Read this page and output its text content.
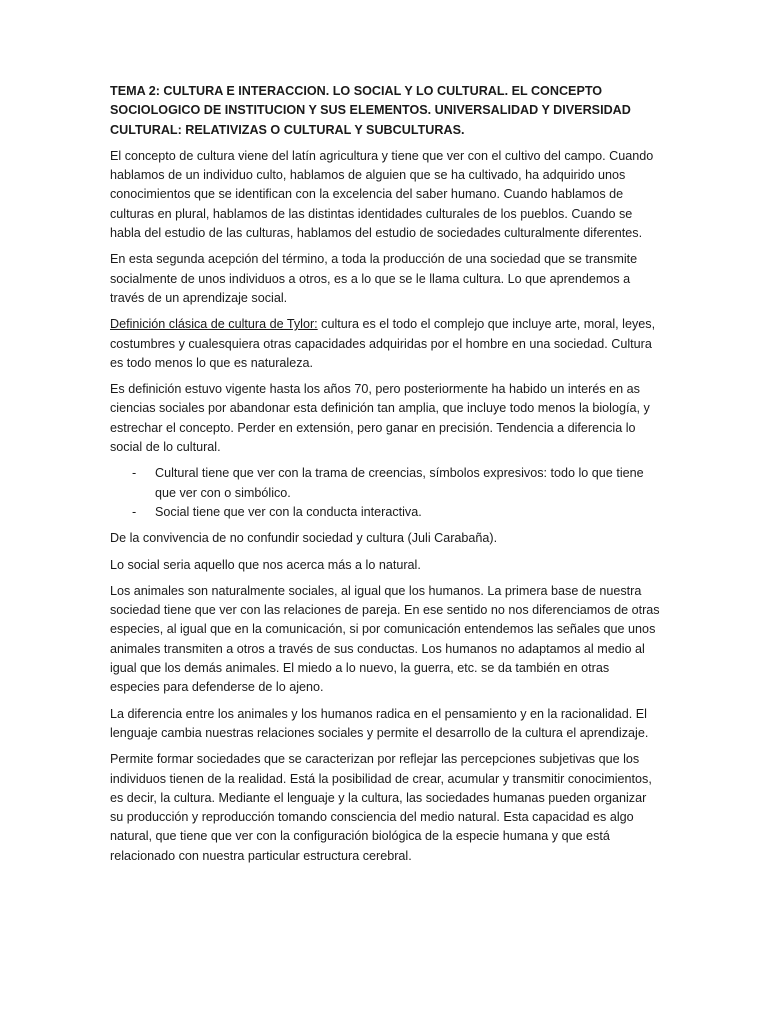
TEMA 2: CULTURA E INTERACCION. LO SOCIAL Y LO CULTURAL. EL CONCEPTO SOCIOLOGICO DE INSTITUCION Y SUS ELEMENTOS. UNIVERSALIDAD Y DIVERSIDAD CULTURAL: RELATIVIZAS O CULTURAL Y SUBCULTURAS.

El concepto de cultura viene del latín agricultura y tiene que ver con el cultivo del campo. Cuando hablamos de un individuo culto, hablamos de alguien que se ha cultivado, ha adquirido unos conocimientos que se identifican con la excelencia del saber humano. Cuando hablamos de culturas en plural, hablamos de las distintas identidades culturales de los pueblos. Cuando se habla del estudio de las culturas, hablamos del estudio de sociedades culturalmente diferentes.

En esta segunda acepción del término, a toda la producción de una sociedad que se transmite socialmente de unos individuos a otros, es a lo que se le llama cultura. Lo que aprendemos a través de un aprendizaje social.

Definición clásica de cultura de Tylor: cultura es el todo el complejo que incluye arte, moral, leyes, costumbres y cualesquiera otras capacidades adquiridas por el hombre en una sociedad. Cultura es todo menos lo que es naturaleza.

Es definición estuvo vigente hasta los años 70, pero posteriormente ha habido un interés en as ciencias sociales por abandonar esta definición tan amplia, que incluye todo menos la biología, y estrechar el concepto. Perder en extensión, pero ganar en precisión. Tendencia a diferencia lo social de lo cultural.

- Cultural tiene que ver con la trama de creencias, símbolos expresivos: todo lo que tiene que ver con o simbólico.
- Social tiene que ver con la conducta interactiva.

De la convivencia de no confundir sociedad y cultura (Juli Carabaña).

Lo social seria aquello que nos acerca más a lo natural.

Los animales son naturalmente sociales, al igual que los humanos. La primera base de nuestra sociedad tiene que ver con las relaciones de pareja. En ese sentido no nos diferenciamos de otras especies, al igual que en la comunicación, si por comunicación entendemos las señales que unos animales transmiten a otros a través de sus conductas. Los humanos no adaptamos al medio al igual que los demás animales. El miedo a lo nuevo, la guerra, etc. se da también en otras especies para defenderse de lo ajeno.

La diferencia entre los animales y los humanos radica en el pensamiento y en la racionalidad. El lenguaje cambia nuestras relaciones sociales y permite el desarrollo de la cultura el aprendizaje.

Permite formar sociedades que se caracterizan por reflejar las percepciones subjetivas que los individuos tienen de la realidad. Está la posibilidad de crear, acumular y transmitir conocimientos, es decir, la cultura. Mediante el lenguaje y la cultura, las sociedades humanas pueden organizar su producción y reproducción tomando consciencia del medio natural. Esta capacidad es algo natural, que tiene que ver con la configuración biológica de la especie humana y que está relacionado con nuestra particular estructura cerebral.
